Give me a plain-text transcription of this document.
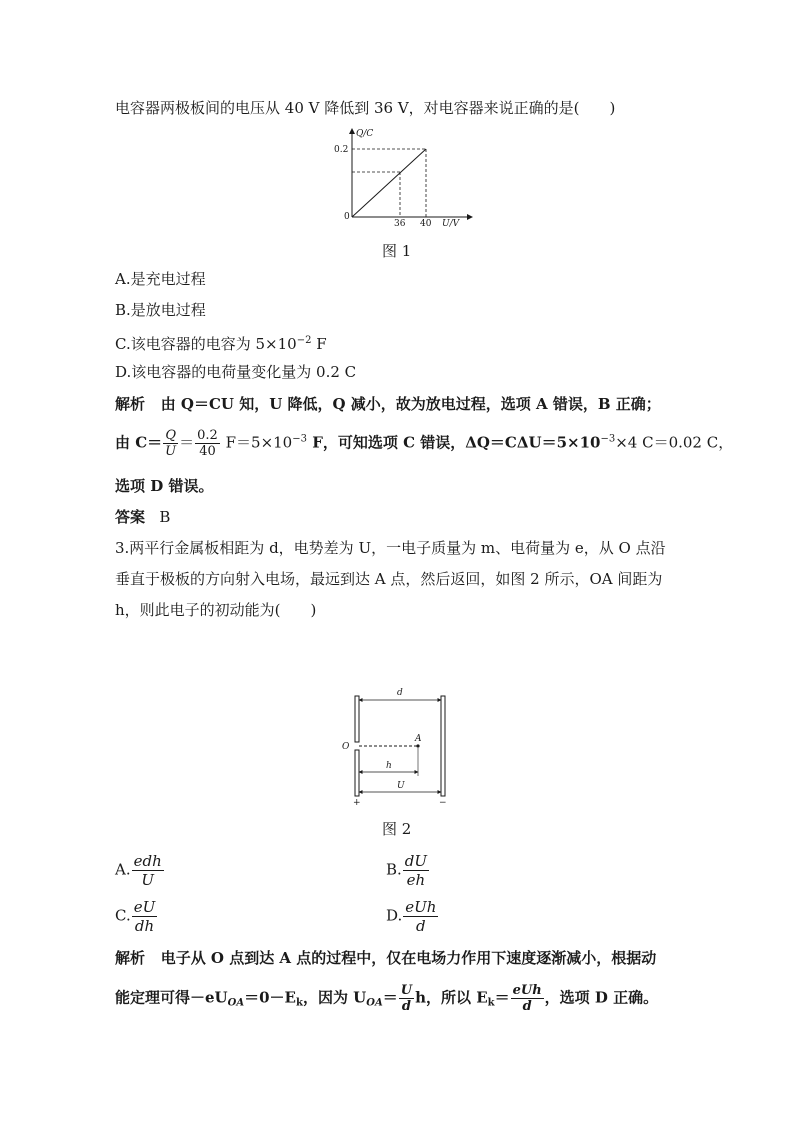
电容器两极板间的电压从 40 V 降低到 36 V，对电容器来说正确的是(　　)
Q/C
0.2
0
36 40 U/V
图 1
A.是充电过程
B.是放电过程
C.该电容器的电容为 $5\times 10^{-2}$ F
D.该电容器的电荷量变化量为 0.2 C
解析 由 Q＝CU 知，U 降低，Q 减小，故为放电过程，选项 A 错误，B 正确；
由 $C= \frac{Q}{U} = \frac{0.2}{40} F=5\times 10^{-3}$ F，可知选项 C 错误，$\Delta Q=C\Delta U=5\times 10^{-3}\times 4$ C＝0.02 C，
选项 D 错误。
答案 B
3.两平行金属板相距为 d，电势差为 U，一电子质量为 m、电荷量为 e，从 O 点沿
垂直于极板的方向射入电场，最远到达 A 点，然后返回，如图 2 所示，OA 间距为
h，则此电子的初动能为(　　)
d
O
A
h
U
+	−
图 2
A. $\frac{\text{edh}}{U}$	B. $\frac{dU}{eh}$
C. $\frac{eU}{dh}$	D. $\frac{\text{eUh}}{d}$
解析 电子从 O 点到达 A 点的过程中，仅在电场力作用下速度逐渐减小，根据动
能定理可得$-eU_{OA}=0-E_k$，因为 $U_{OA}= \frac{U}{d}$ h，所以 $E_k= \frac{\text{eUh}}{d}$ ，选项 D 正确。
